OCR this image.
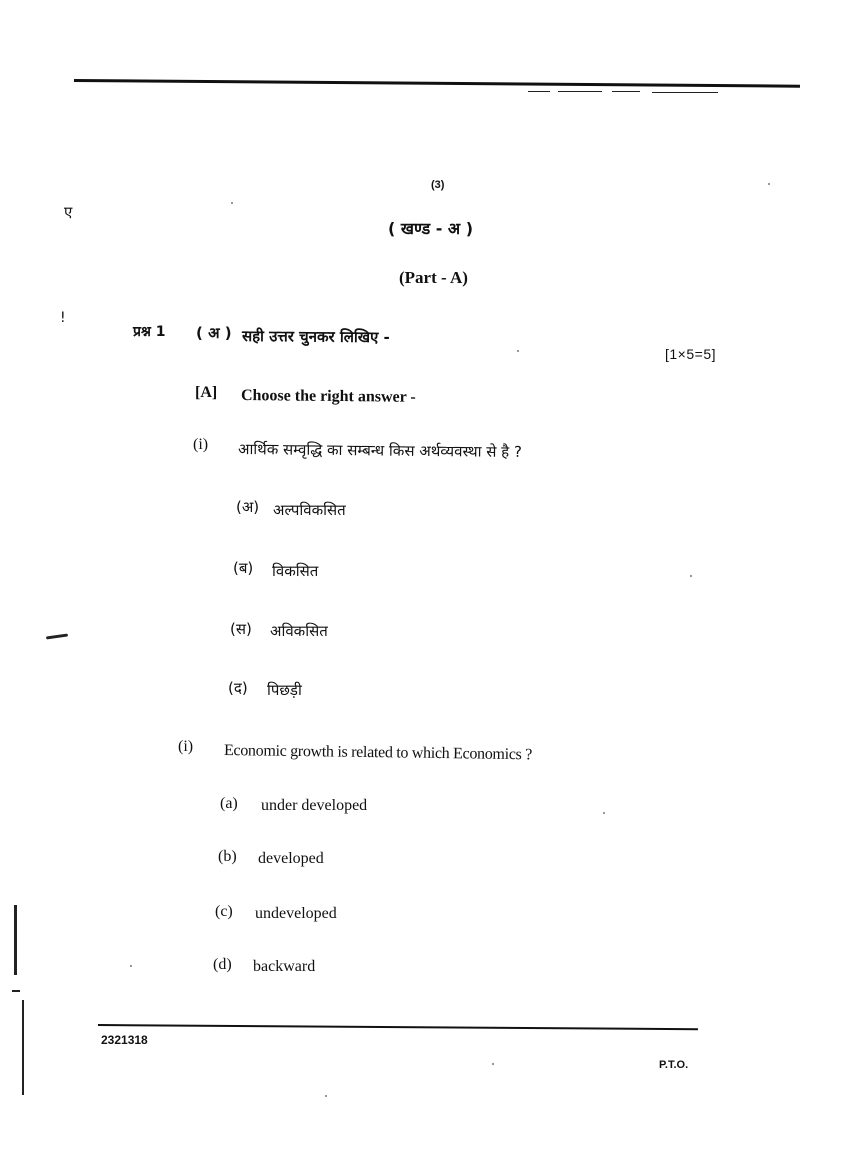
ए
!
(3)
( खण्ड - अ )
(Part - A)
प्रश्न 1 ( अ ) सही उत्तर चुनकर लिखिए -
[1×5=5]
[A] Choose the right answer -
(i) आर्थिक सम्वृद्धि का सम्बन्ध किस अर्थव्यवस्था से है ?
(अ) अल्पविकसित
(ब) विकसित
(स) अविकसित
(द) पिछड़ी
(i) Economic growth is related to which Economics ?
(a) under developed
(b) developed
(c) undeveloped
(d) backward
2321318
P.T.O.
